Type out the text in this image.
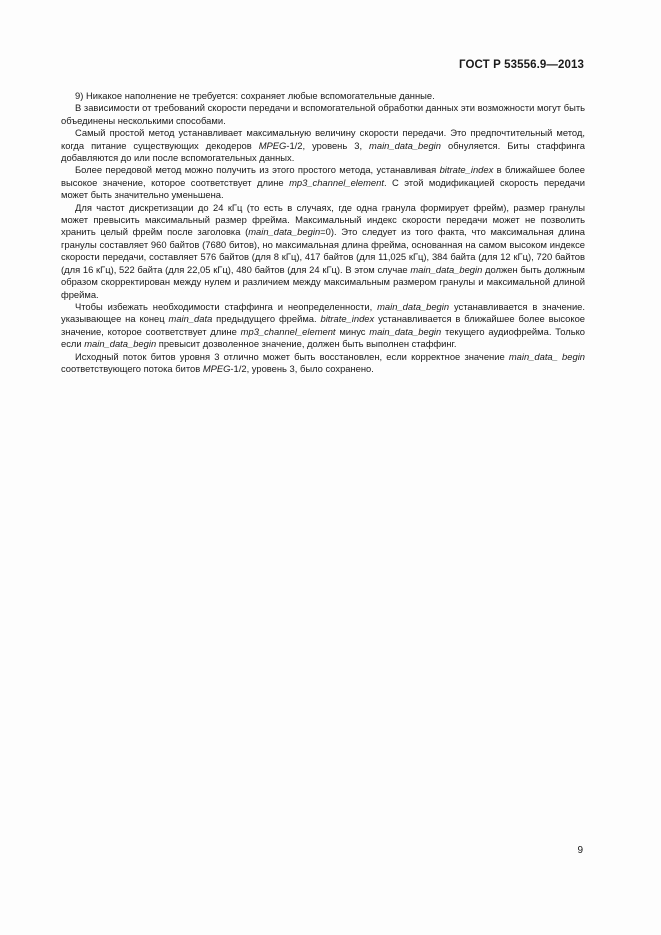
ГОСТ Р 53556.9—2013

9) Никакое наполнение не требуется: сохраняет любые вспомогательные данные.

В зависимости от требований скорости передачи и вспомогательной обработки данных эти возможности могут быть объединены несколькими способами.

Самый простой метод устанавливает максимальную величину скорости передачи. Это предпочтительный метод, когда питание существующих декодеров MPEG-1/2, уровень 3, main_data_begin обнуляется. Биты стаффинга добавляются до или после вспомогательных данных.

Более передовой метод можно получить из этого простого метода, устанавливая bitrate_index в ближайшее более высокое значение, которое соответствует длине mp3_channel_element. С этой модификацией скорость передачи может быть значительно уменьшена.

Для частот дискретизации до 24 кГц (то есть в случаях, где одна гранула формирует фрейм), размер гранулы может превысить максимальный размер фрейма. Максимальный индекс скорости передачи может не позволить хранить целый фрейм после заголовка (main_data_begin=0). Это следует из того факта, что максимальная длина гранулы составляет 960 байтов (7680 битов), но максимальная длина фрейма, основанная на самом высоком индексе скорости передачи, составляет 576 байтов (для 8 кГц), 417 байтов (для 11,025 кГц), 384 байта (для 12 кГц), 720 байтов (для 16 кГц), 522 байта (для 22,05 кГц), 480 байтов (для 24 кГц). В этом случае main_data_begin должен быть должным образом скорректирован между нулем и различием между максимальным размером гранулы и максимальной длиной фрейма.

Чтобы избежать необходимости стаффинга и неопределенности, main_data_begin устанавливается в значение. указывающее на конец main_data предыдущего фрейма. bitrate_index устанавливается в ближайшее более высокое значение, которое соответствует длине mp3_channel_element минус main_data_begin текущего аудиофрейма. Только если main_data_begin превысит дозволенное значение, должен быть выполнен стаффинг.

Исходный поток битов уровня 3 отлично может быть восстановлен, если корректное значение main_data_ begin соответствующего потока битов MPEG-1/2, уровень 3, было сохранено.

9
